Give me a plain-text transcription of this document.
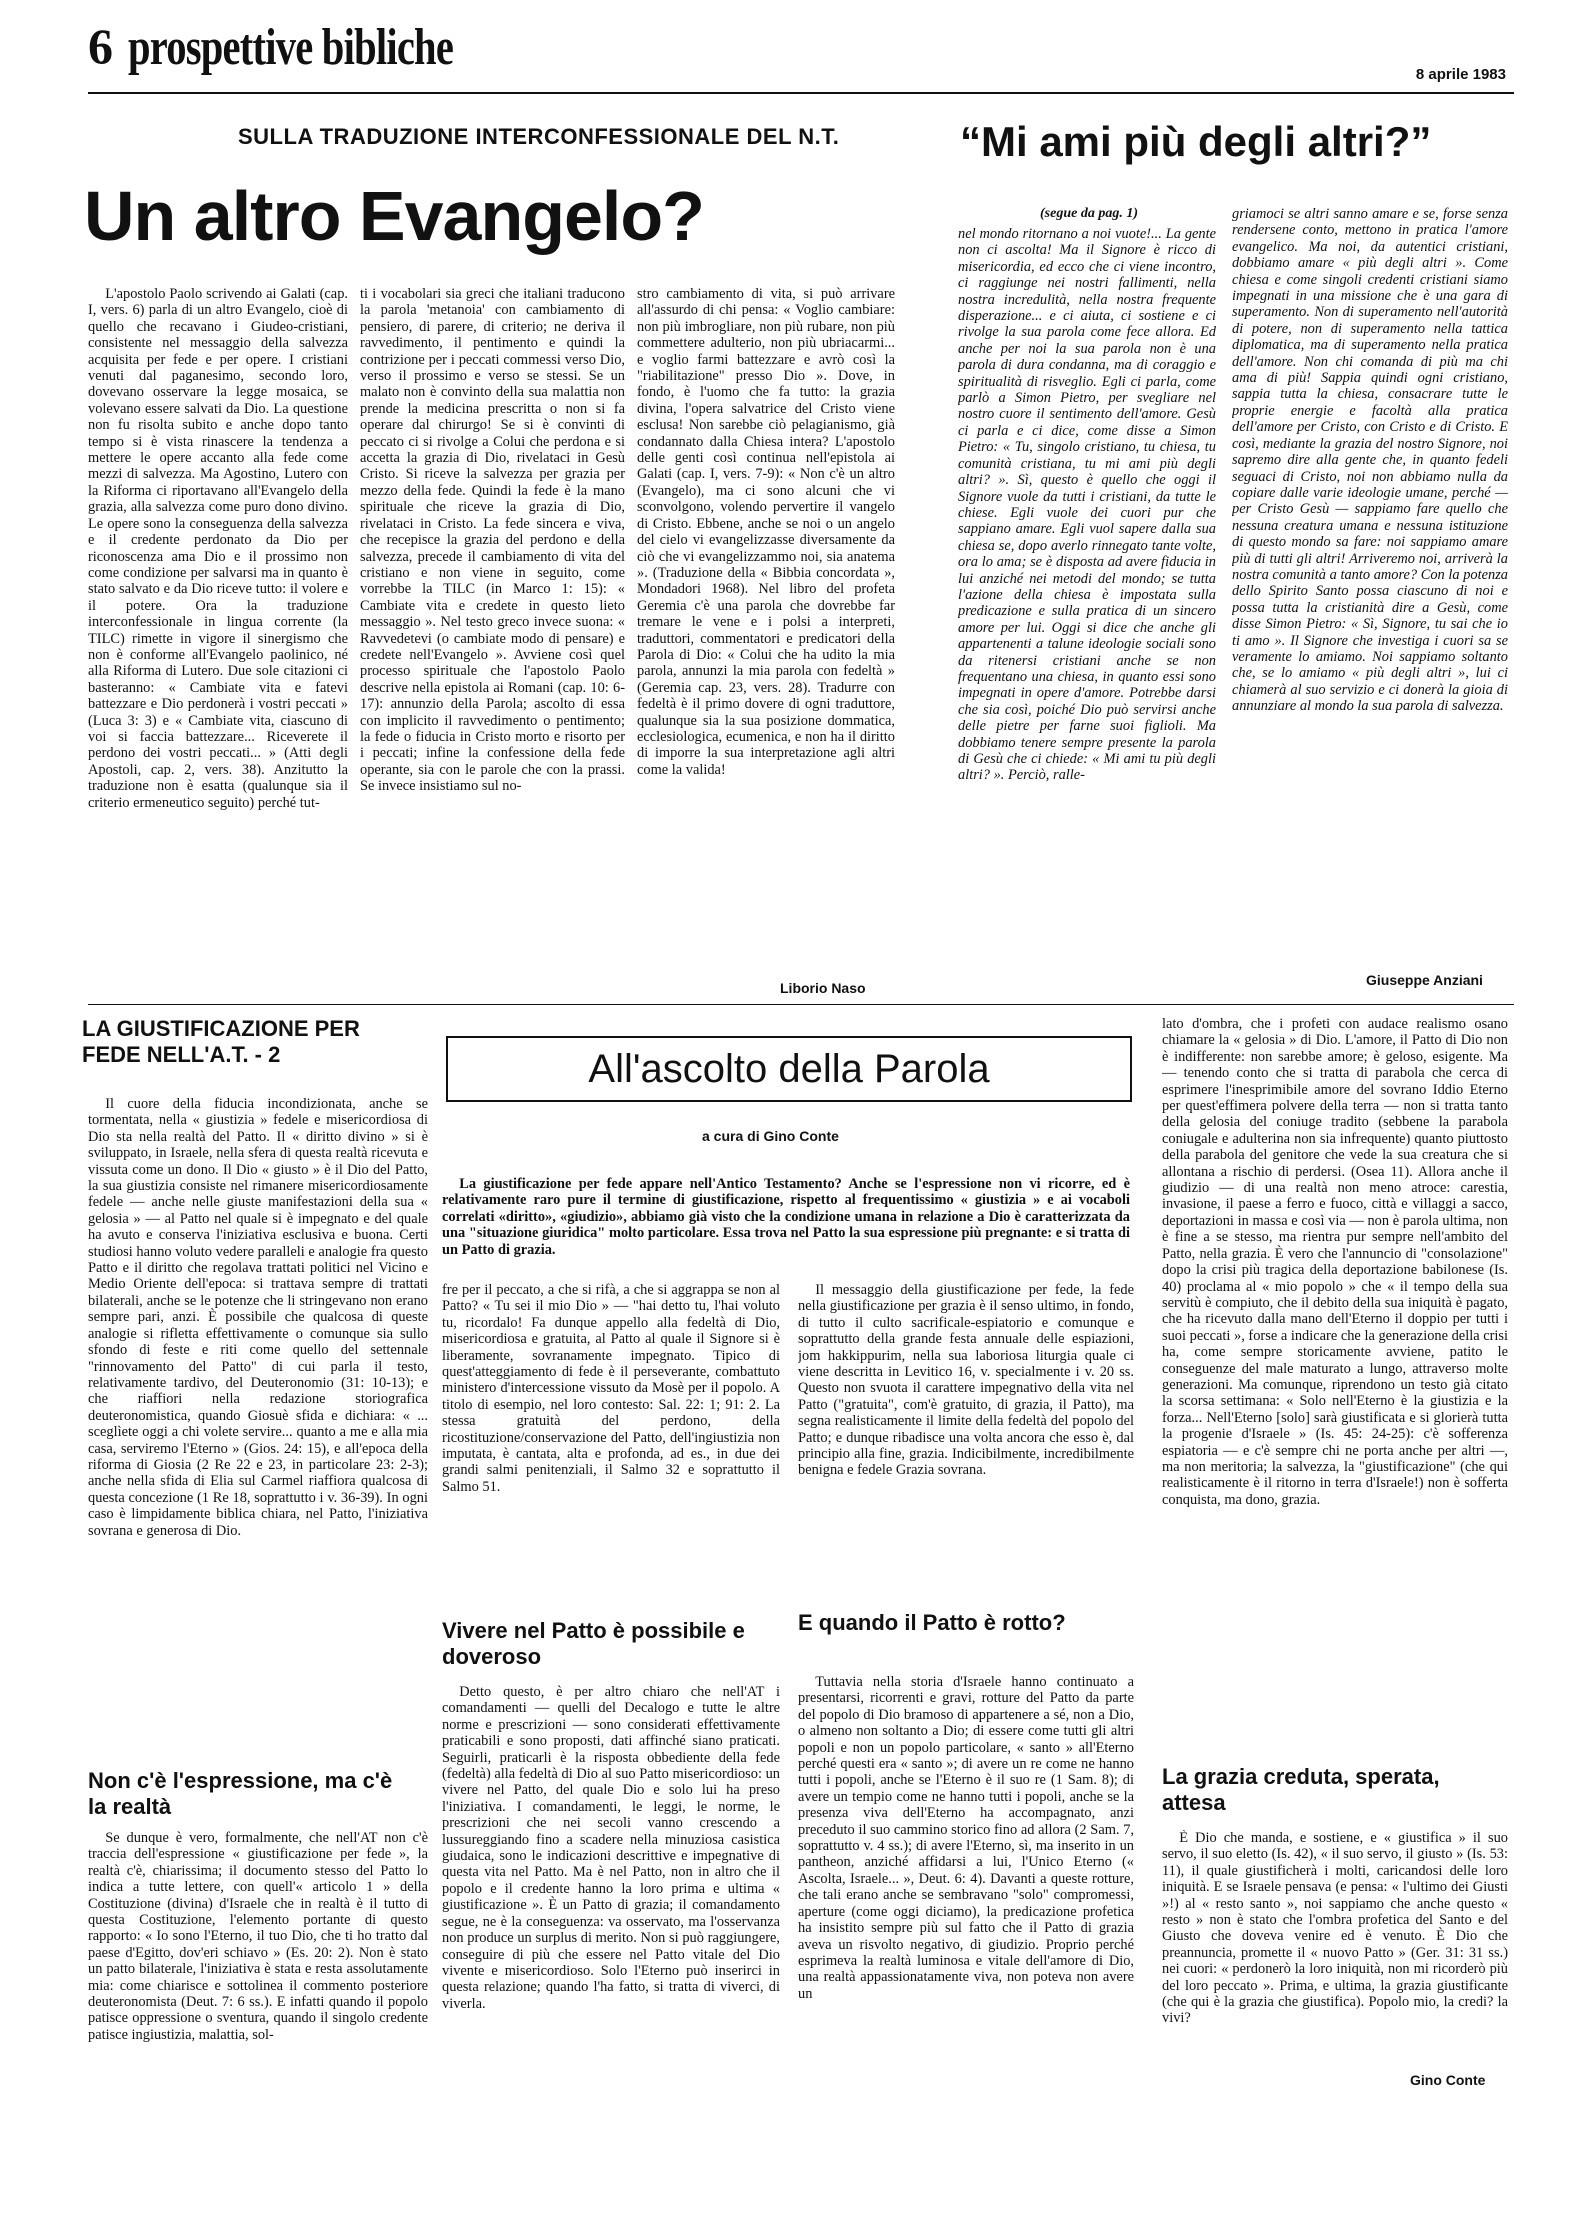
6 prospettive bibliche	8 aprile 1983
SULLA TRADUZIONE INTERCONFESSIONALE DEL N.T.
Un altro Evangelo?

L'apostolo Paolo scrivendo ai Galati (cap. I, vers. 6) parla di un altro Evangelo, cioè di quello che recavano i Giudeo-cristiani, consistente nel messaggio della salvezza acquisita per fede e per opere. I cristiani venuti dal paganesimo, secondo loro, dovevano osservare la legge mosaica, se volevano essere salvati da Dio. La questione non fu risolta subito e anche dopo tanto tempo si è vista rinascere la tendenza a mettere le opere accanto alla fede come mezzi di salvezza. Ma Agostino, Lutero con la Riforma ci riportavano all'Evangelo della grazia, alla salvezza come puro dono divino. Le opere sono la conseguenza della salvezza e il credente perdonato da Dio per riconoscenza ama Dio e il prossimo non come condizione per salvarsi ma in quanto è stato salvato e da Dio riceve tutto: il volere e il potere. Ora la traduzione interconfessionale in lingua corrente (la TILC) rimette in vigore il sinergismo che non è conforme all'Evangelo paolinico, né alla Riforma di Lutero. Due sole citazioni ci basteranno: « Cambiate vita e fatevi battezzare e Dio perdonerà i vostri peccati » (Luca 3: 3) e « Cambiate vita, ciascuno di voi si faccia battezzare... Riceverete il perdono dei vostri peccati... » (Atti degli Apostoli, cap. 2, vers. 38). Anzitutto la traduzione non è esatta (qualunque sia il criterio ermeneutico seguito) perché tut-

ti i vocabolari sia greci che italiani traducono la parola 'metanoia' con cambiamento di pensiero, di parere, di criterio; ne deriva il ravvedimento, il pentimento e quindi la contrizione per i peccati commessi verso Dio, verso il prossimo e verso se stessi. Se un malato non è convinto della sua malattia non prende la medicina prescritta o non si fa operare dal chirurgo! Se si è convinti di peccato ci si rivolge a Colui che perdona e si accetta la grazia di Dio, rivelataci in Gesù Cristo. Si riceve la salvezza per grazia per mezzo della fede. Quindi la fede è la mano spirituale che riceve la grazia di Dio, rivelataci in Cristo. La fede sincera e viva, che recepisce la grazia del perdono e della salvezza, precede il cambiamento di vita del cristiano e non viene in seguito, come vorrebbe la TILC (in Marco 1: 15): « Cambiate vita e credete in questo lieto messaggio ». Nel testo greco invece suona: « Ravvedetevi (o cambiate modo di pensare) e credete nell'Evangelo ». Avviene così quel processo spirituale che l'apostolo Paolo descrive nella epistola ai Romani (cap. 10: 6-17): annunzio della Parola; ascolto di essa con implicito il ravvedimento o pentimento; la fede o fiducia in Cristo morto e risorto per i peccati; infine la confessione della fede operante, sia con le parole che con la prassi. Se invece insistiamo sul no-

stro cambiamento di vita, si può arrivare all'assurdo di chi pensa: « Voglio cambiare: non più imbrogliare, non più rubare, non più commettere adulterio, non più ubriacarmi... e voglio farmi battezzare e avrò così la "riabilitazione" presso Dio ». Dove, in fondo, è l'uomo che fa tutto: la grazia divina, l'opera salvatrice del Cristo viene esclusa! Non sarebbe ciò pelagianismo, già condannato dalla Chiesa intera? L'apostolo delle genti così continua nell'epistola ai Galati (cap. I, vers. 7-9): « Non c'è un altro (Evangelo), ma ci sono alcuni che vi sconvolgono, volendo pervertire il vangelo di Cristo. Ebbene, anche se noi o un angelo del cielo vi evangelizzasse diversamente da ciò che vi evangelizzammo noi, sia anatema ». (Traduzione della « Bibbia concordata », Mondadori 1968). Nel libro del profeta Geremia c'è una parola che dovrebbe far tremare le vene e i polsi a interpreti, traduttori, commentatori e predicatori della Parola di Dio: « Colui che ha udito la mia parola, annunzi la mia parola con fedeltà » (Geremia cap. 23, vers. 28). Tradurre con fedeltà è il primo dovere di ogni traduttore, qualunque sia la sua posizione dommatica, ecclesiologica, ecumenica, e non ha il diritto di imporre la sua interpretazione agli altri come la valida!

Liborio Naso
“Mi ami più degli altri?”
(segue da pag. 1)

nel mondo ritornano a noi vuote!... La gente non ci ascolta! Ma il Signore è ricco di misericordia, ed ecco che ci viene incontro, ci raggiunge nei nostri fallimenti, nella nostra incredulità, nella nostra frequente disperazione... e ci aiuta, ci sostiene e ci rivolge la sua parola come fece allora. Ed anche per noi la sua parola non è una parola di dura condanna, ma di coraggio e spiritualità di risveglio. Egli ci parla, come parlò a Simon Pietro, per svegliare nel nostro cuore il sentimento dell'amore. Gesù ci parla e ci dice, come disse a Simon Pietro: « Tu, singolo cristiano, tu chiesa, tu comunità cristiana, tu mi ami più degli altri? ». Sì, questo è quello che oggi il Signore vuole da tutti i cristiani, da tutte le chiese. Egli vuole dei cuori pur che sappiano amare. Egli vuol sapere dalla sua chiesa se, dopo averlo rinnegato tante volte, ora lo ama; se è disposta ad avere fiducia in lui anziché nei metodi del mondo; se tutta l'azione della chiesa è impostata sulla predicazione e sulla pratica di un sincero amore per lui. Oggi si dice che anche gli appartenenti a talune ideologie sociali sono da ritenersi cristiani anche se non frequentano una chiesa, in quanto essi sono impegnati in opere d'amore. Potrebbe darsi che sia così, poiché Dio può servirsi anche delle pietre per farne suoi figlioli. Ma dobbiamo tenere sempre presente la parola di Gesù che ci chiede: « Mi ami tu più degli altri? ». Perciò, ralle-

griamoci se altri sanno amare e se, forse senza rendersene conto, mettono in pratica l'amore evangelico. Ma noi, da autentici cristiani, dobbiamo amare « più degli altri ». Come chiesa e come singoli credenti cristiani siamo impegnati in una missione che è una gara di superamento. Non di superamento nell'autorità di potere, non di superamento nella tattica diplomatica, ma di superamento nella pratica dell'amore. Non chi comanda di più ma chi ama di più! Sappia quindi ogni cristiano, sappia tutta la chiesa, consacrare tutte le proprie energie e facoltà alla pratica dell'amore per Cristo, con Cristo e di Cristo. E così, mediante la grazia del nostro Signore, noi sapremo dire alla gente che, in quanto fedeli seguaci di Cristo, noi non abbiamo nulla da copiare dalle varie ideologie umane, perché — per Cristo Gesù — sappiamo fare quello che nessuna creatura umana e nessuna istituzione di questo mondo sa fare: noi sappiamo amare più di tutti gli altri! Arriveremo noi, arriverà la nostra comunità a tanto amore? Con la potenza dello Spirito Santo possa ciascuno di noi e possa tutta la cristianità dire a Gesù, come disse Simon Pietro: « Sì, Signore, tu sai che io ti amo ». Il Signore che investiga i cuori sa se veramente lo amiamo. Noi sappiamo soltanto che, se lo amiamo « più degli altri », lui ci chiamerà al suo servizio e ci donerà la gioia di annunziare al mondo la sua parola di salvezza.

Giuseppe Anziani
LA GIUSTIFICAZIONE PER FEDE NELL'A.T. - 2	All'ascolto della Parola
a cura di Gino Conte

La giustificazione per fede appare nell'Antico Testamento? Anche se l'espressione non vi ricorre, ed è relativamente raro pure il termine di giustificazione, rispetto al frequentissimo « giustizia » e ai vocaboli correlati «diritto», «giudizio», abbiamo già visto che la condizione umana in relazione a Dio è caratterizzata da una "situazione giuridica" molto particolare. Essa trova nel Patto la sua espressione più pregnante: e si tratta di un Patto di grazia.

Il cuore della fiducia incondizionata, anche se tormentata, nella « giustizia » fedele e misericordiosa di Dio sta nella realtà del Patto. Il « diritto divino » si è sviluppato, in Israele, nella sfera di questa realtà ricevuta e vissuta come un dono. Il Dio « giusto » è il Dio del Patto, la sua giustizia consiste nel rimanere misericordiosamente fedele — anche nelle giuste manifestazioni della sua « gelosia » — al Patto nel quale si è impegnato e del quale ha avuto e conserva l'iniziativa esclusiva e buona. Certi studiosi hanno voluto vedere paralleli e analogie fra questo Patto e il diritto che regolava trattati politici nel Vicino e Medio Oriente dell'epoca: si trattava sempre di trattati bilaterali, anche se le potenze che li stringevano non erano sempre pari, anzi. È possibile che qualcosa di queste analogie si rifletta effettivamente o comunque sia sullo sfondo di feste e riti come quello del settennale "rinnovamento del Patto" di cui parla il testo, relativamente tardivo, del Deuteronomio (31: 10-13); e che riaffiori nella redazione storiografica deuteronomistica, quando Giosuè sfida e dichiara: « ... sceglìete oggi a chi volete servire... quanto a me e alla mia casa, serviremo l'Eterno » (Gios. 24: 15), e all'epoca della riforma di Giosia (2 Re 22 e 23, in particolare 23: 2-3); anche nella sfida di Elia sul Carmel riaffiora qualcosa di questa concezione (1 Re 18, soprattutto i v. 36-39). In ogni caso è limpidamente biblica chiara, nel Patto, l'iniziativa sovrana e generosa di Dio.

Non c'è l'espressione, ma c'è la realtà

Se dunque è vero, formalmente, che nell'AT non c'è traccia dell'espressione « giustificazione per fede », la realtà c'è, chiarissima; il documento stesso del Patto lo indica a tutte lettere, con quell'« articolo 1 » della Costituzione (divina) d'Israele che in realtà è il tutto di questa Costituzione, l'elemento portante di questo rapporto: « Io sono l'Eterno, il tuo Dio, che ti ho tratto dal paese d'Egitto, dov'eri schiavo » (Es. 20: 2). Non è stato un patto bilaterale, l'iniziativa è stata e resta assolutamente mia: come chiarisce e sottolinea il commento posteriore deuteronomista (Deut. 7: 6 ss.). E infatti quando il popolo patisce oppressione o sventura, quando il singolo credente patisce ingiustizia, malattia, sol-

fre per il peccato, a che si rifà, a che si aggrappa se non al Patto? « Tu sei il mio Dio » — "hai detto tu, l'hai voluto tu, ricordalo! Fa dunque appello alla fedeltà di Dio, misericordiosa e gratuita, al Patto al quale il Signore si è liberamente, sovranamente impegnato. Tipico di quest'atteggiamento di fede è il perseverante, combattuto ministero d'intercessione vissuto da Mosè per il popolo. A titolo di esempio, nel loro contesto: Sal. 22: 1; 91: 2. La stessa gratuità del perdono, della ricostituzione/conservazione del Patto, dell'ingiustizia non imputata, è cantata, alta e profonda, ad es., in due dei grandi salmi penitenziali, il Salmo 32 e soprattutto il Salmo 51.

Vivere nel Patto è possibile e doveroso

Detto questo, è per altro chiaro che nell'AT i comandamenti — quelli del Decalogo e tutte le altre norme e prescrizioni — sono considerati effettivamente praticabili e sono proposti, dati affinché siano praticati. Seguirli, praticarli è la risposta obbediente della fede (fedeltà) alla fedeltà di Dio al suo Patto misericordioso: un vivere nel Patto, del quale Dio e solo lui ha preso l'iniziativa. I comandamenti, le leggi, le norme, le prescrizioni che nei secoli vanno crescendo a lussureggiando fino a scadere nella minuziosa casistica giudaica, sono le indicazioni descrittive e impegnative di questa vita nel Patto. Ma è nel Patto, non in altro che il popolo e il credente hanno la loro prima e ultima « giustificazione ». È un Patto di grazia; il comandamento segue, ne è la conseguenza: va osservato, ma l'osservanza non produce un surplus di merito. Non si può raggiungere, conseguire di più che essere nel Patto vitale del Dio vivente e misericordioso. Solo l'Eterno può inserirci in questa relazione; quando l'ha fatto, si tratta di viverci, di viverla.

Il messaggio della giustificazione per fede, la fede nella giustificazione per grazia è il senso ultimo, in fondo, di tutto il culto sacrificale-espiatorio e comunque e soprattutto della grande festa annuale delle espiazioni, jom hakkippurim, nella sua laboriosa liturgia quale ci viene descritta in Levitico 16, v. specialmente i v. 20 ss. Questo non svuota il carattere impegnativo della vita nel Patto ("gratuita", com'è gratuito, di grazia, il Patto), ma segna realisticamente il limite della fedeltà del popolo del Patto; e dunque ribadisce una volta ancora che esso è, dal principio alla fine, grazia. Indicibilmente, incredibilmente benigna e fedele Grazia sovrana.

E quando il Patto è rotto?

Tuttavia nella storia d'Israele hanno continuato a presentarsi, ricorrenti e gravi, rotture del Patto da parte del popolo di Dio bramoso di appartenere a sé, non a Dio, o almeno non soltanto a Dio; di essere come tutti gli altri popoli e non un popolo particolare, « santo » all'Eterno perché questi era « santo »; di avere un re come ne hanno tutti i popoli, anche se l'Eterno è il suo re (1 Sam. 8); di avere un tempio come ne hanno tutti i popoli, anche se la presenza viva dell'Eterno ha accompagnato, anzi preceduto il suo cammino storico fino ad allora (2 Sam. 7, soprattutto v. 4 ss.); di avere l'Eterno, sì, ma inserito in un pantheon, anziché affidarsi a lui, l'Unico Eterno (« Ascolta, Israele... », Deut. 6: 4). Davanti a queste rotture, che tali erano anche se sembravano "solo" compromessi, aperture (come oggi diciamo), la predicazione profetica ha insistito sempre più sul fatto che il Patto di grazia aveva un risvolto negativo, di giudizio. Proprio perché esprimeva la realtà luminosa e vitale dell'amore di Dio, una realtà appassionatamente viva, non poteva non avere un

lato d'ombra, che i profeti con audace realismo osano chiamare la « gelosia » di Dio. L'amore, il Patto di Dio non è indifferente: non sarebbe amore; è geloso, esigente. Ma — tenendo conto che si tratta di parabola che cerca di esprimere l'inesprimibile amore del sovrano Iddio Eterno per quest'effimera polvere della terra — non si tratta tanto della gelosia del coniuge tradito (sebbene la parabola coniugale e adulterina non sia infrequente) quanto piuttosto della parabola del genitore che vede la sua creatura che si allontana a rischio di perdersi. (Osea 11). Allora anche il giudizio — di una realtà non meno atroce: carestia, invasione, il paese a ferro e fuoco, città e villaggi a sacco, deportazioni in massa e così via — non è parola ultima, non è fine a se stesso, ma rientra pur sempre nell'ambito del Patto, nella grazia. È vero che l'annuncio di "consolazione" dopo la crisi più tragica della deportazione babilonese (Is. 40) proclama al « mio popolo » che « il tempo della sua servitù è compiuto, che il debito della sua iniquità è pagato, che ha ricevuto dalla mano dell'Eterno il doppio per tutti i suoi peccati », forse a indicare che la generazione della crisi ha, come sempre storicamente avviene, patito le conseguenze del male maturato a lungo, attraverso molte generazioni. Ma comunque, riprendono un testo già citato la scorsa settimana: « Solo nell'Eterno è la giustizia e la forza... Nell'Eterno [solo] sarà giustificata e si glorierà tutta la progenie d'Israele » (Is. 45: 24-25): c'è sofferenza espiatoria — e c'è sempre chi ne porta anche per altri —, ma non meritoria; la salvezza, la "giustificazione" (che qui realisticamente è il ritorno in terra d'Israele!) non è sofferta conquista, ma dono, grazia.

La grazia creduta, sperata, attesa

È Dio che manda, e sostiene, e « giustifica » il suo servo, il suo eletto (Is. 42), « il suo servo, il giusto » (Is. 53: 11), il quale giustificherà i molti, caricandosi delle loro iniquità. E se Israele pensava (e pensa: « l'ultimo dei Giusti »!) al « resto santo », noi sappiamo che anche questo « resto » non è stato che l'ombra profetica del Santo e del Giusto che doveva venire ed è venuto. È Dio che preannuncia, promette il « nuovo Patto » (Ger. 31: 31 ss.) nei cuori: « perdonerò la loro iniquità, non mi ricorderò più del loro peccato ». Prima, e ultima, la grazia giustificante (che qui è la grazia che giustifica). Popolo mio, la credi? la vivi?

Gino Conte
